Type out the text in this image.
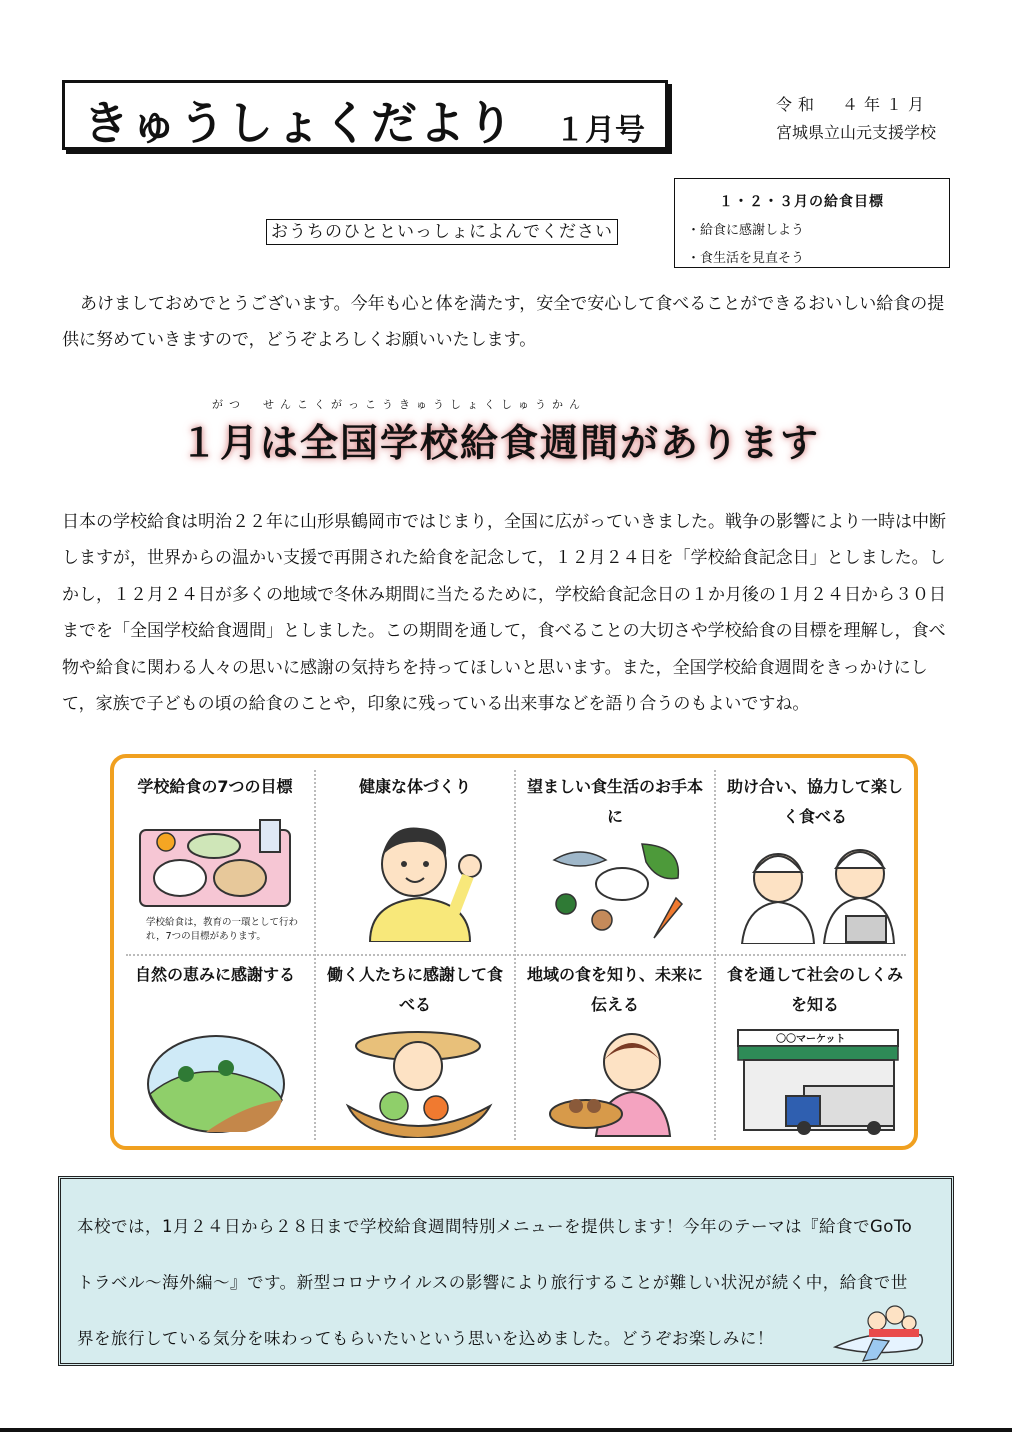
きゅうしょくだより １月号
令和　４年１月
宮城県立山元支援学校
１・２・３月の給食目標
・給食に感謝しよう
・食生活を見直そう
おうちのひとといっしょによんでください
あけましておめでとうございます。今年も心と体を満たす，安全で安心して食べることができるおいしい給食の提供に努めていきますので，どうぞよろしくお願いいたします。
がつ　せんこくがっこうきゅうしょくしゅうかん
１月は全国学校給食週間があります
日本の学校給食は明治２２年に山形県鶴岡市ではじまり，全国に広がっていきました。戦争の影響により一時は中断しますが，世界からの温かい支援で再開された給食を記念して，１２月２４日を「学校給食記念日」としました。しかし，１２月２４日が多くの地域で冬休み期間に当たるために，学校給食記念日の１か月後の１月２４日から３０日までを「全国学校給食週間」としました。この期間を通して，食べることの大切さや学校給食の目標を理解し，食べ物や給食に関わる人々の思いに感謝の気持ちを持ってほしいと思います。また，全国学校給食週間をきっかけにして，家族で子どもの頃の給食のことや，印象に残っている出来事などを語り合うのもよいですね。
学校給食の7つの目標
学校給食は，教育の一環として行われ，7つの目標があります。
健康な体づくり	望ましい食生活のお手本に
助け合い、協力して楽しく食べる
自然の恵みに感謝する	働く人たちに感謝して食べる
地域の食を知り、未来に伝える
食を通して社会のしくみを知る
〇〇マーケット
本校では，1月２４日から２８日まで学校給食週間特別メニューを提供します！今年のテーマは『給食でGoTo
トラベル～海外編～』です。新型コロナウイルスの影響により旅行することが難しい状況が続く中，給食で世
界を旅行している気分を味わってもらいたいという思いを込めました。どうぞお楽しみに！
